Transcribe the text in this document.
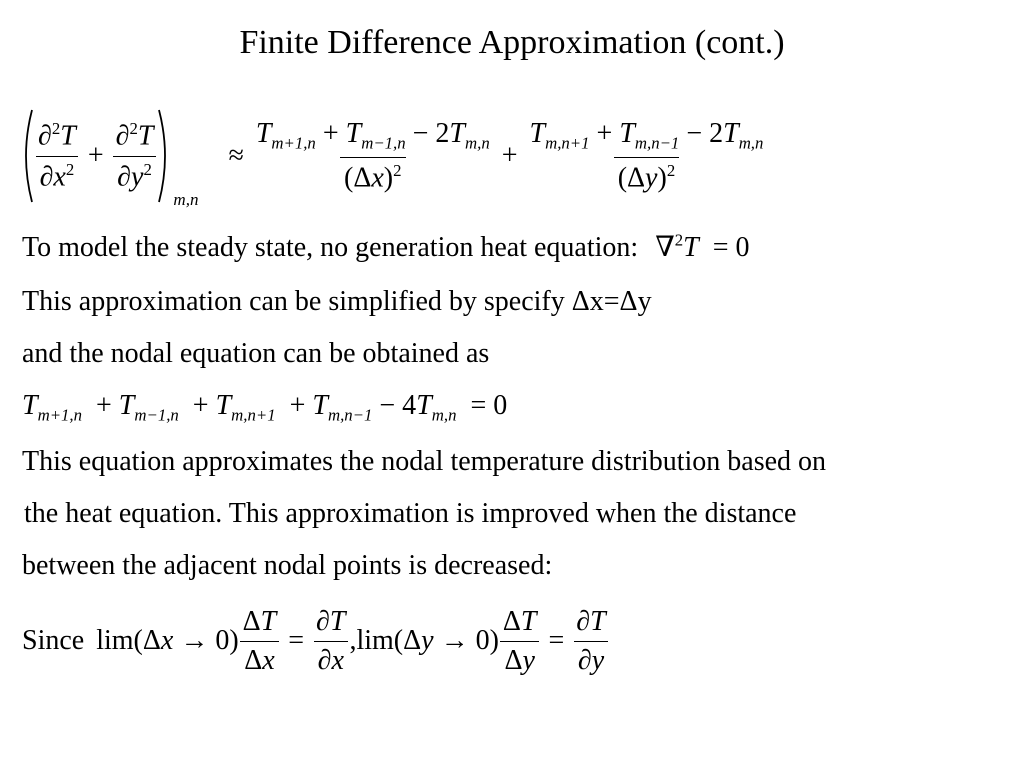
Finite Difference Approximation (cont.)
$\frac{\partial^2T}{\partial x^2} + \frac{\partial^2T}{\partial y^2}$
m,n
≈ $\frac{T_{m+1,n} + T_{m-1,n} - 2T_{m,n}}{(\Delta x)^2} + \frac{T_{m,n+1} + T_{m,n-1} - 2T_{m,n}}{(\Delta y)^2}$
To model the steady state, no generation heat equation: ∇$^2$T  = 0
This approximation can be simplified by specify Δx=Δy
and the nodal equation can be obtained as
$T_{m+1,n} + T_{m-1,n} + T_{m,n+1} + T_{m,n-1} - 4T_{m,n} = 0$
This equation approximates the nodal temperature distribution based on
the heat equation. This approximation is improved when the distance
between the adjacent nodal points is decreased:
Since $\lim(\Delta x \to 0) \frac{\Delta T}{\Delta x} = \frac{\partial T}{\partial x} ,\lim(\Delta y \to 0) \frac{\Delta T}{\Delta y} = \frac{\partial T}{\partial y}$
